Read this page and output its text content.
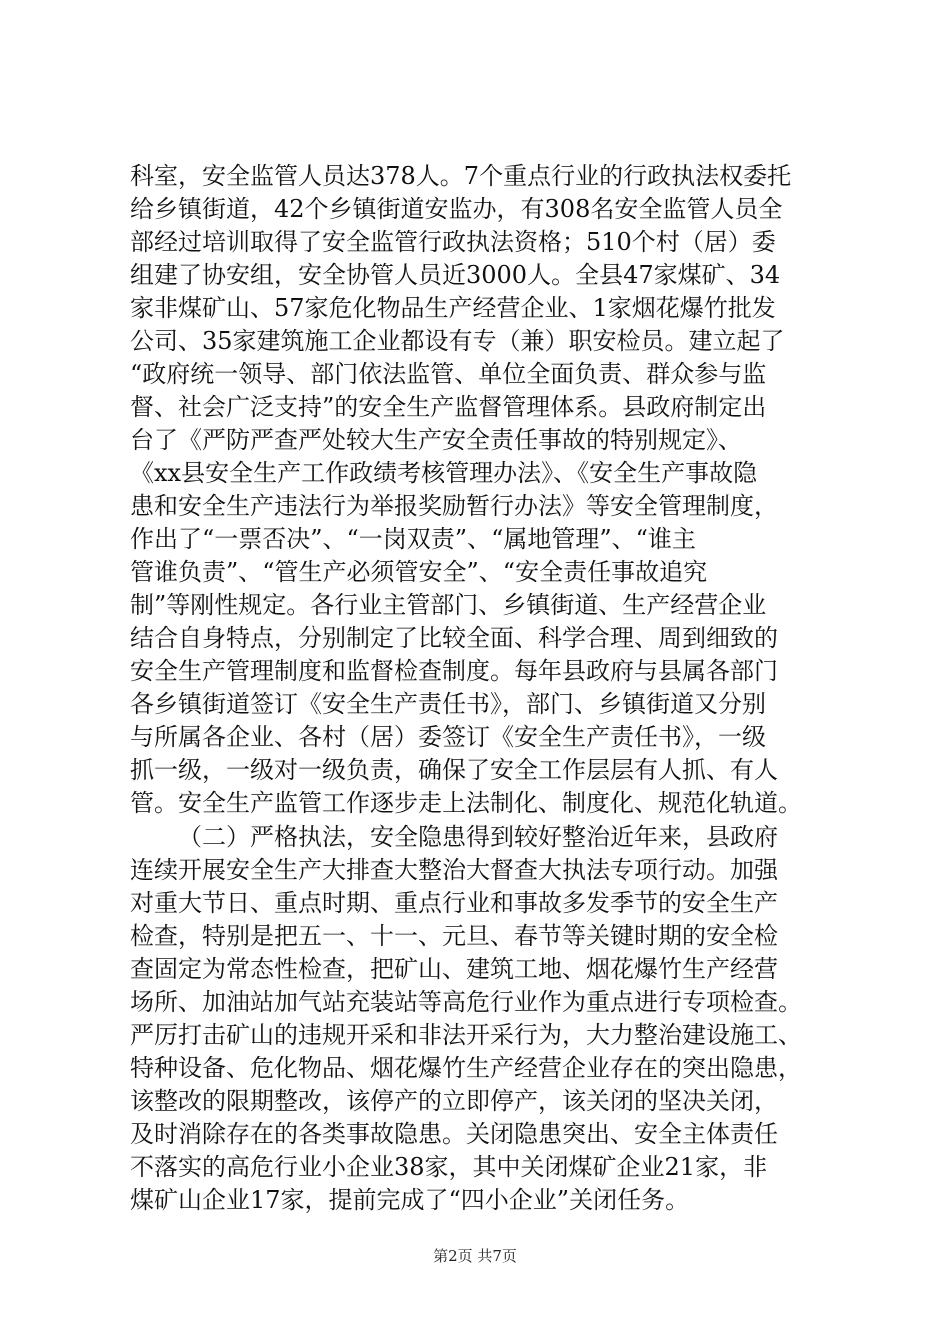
科室，安全监管人员达378人。7个重点行业的行政执法权委托
给乡镇街道，42个乡镇街道安监办，有308名安全监管人员全
部经过培训取得了安全监管行政执法资格；510个村（居）委
组建了协安组，安全协管人员近3000人。全县47家煤矿、34
家非煤矿山、57家危化物品生产经营企业、1家烟花爆竹批发
公司、35家建筑施工企业都设有专（兼）职安检员。建立起了
“政府统一领导、部门依法监管、单位全面负责、群众参与监
督、社会广泛支持”的安全生产监督管理体系。县政府制定出
台了《严防严查严处较大生产安全责任事故的特别规定》、
《xx县安全生产工作政绩考核管理办法》、《安全生产事故隐
患和安全生产违法行为举报奖励暂行办法》等安全管理制度，
作出了“一票否决”、“一岗双责”、“属地管理”、“谁主
管谁负责”、“管生产必须管安全”、“安全责任事故追究
制”等刚性规定。各行业主管部门、乡镇街道、生产经营企业
结合自身特点，分别制定了比较全面、科学合理、周到细致的
安全生产管理制度和监督检查制度。每年县政府与县属各部门
各乡镇街道签订《安全生产责任书》，部门、乡镇街道又分别
与所属各企业、各村（居）委签订《安全生产责任书》，一级
抓一级，一级对一级负责，确保了安全工作层层有人抓、有人
管。安全生产监管工作逐步走上法制化、制度化、规范化轨道。
（二）严格执法，安全隐患得到较好整治近年来，县政府
连续开展安全生产大排查大整治大督查大执法专项行动。加强
对重大节日、重点时期、重点行业和事故多发季节的安全生产
检查，特别是把五一、十一、元旦、春节等关键时期的安全检
查固定为常态性检查，把矿山、建筑工地、烟花爆竹生产经营
场所、加油站加气站充装站等高危行业作为重点进行专项检查。
严厉打击矿山的违规开采和非法开采行为，大力整治建设施工、
特种设备、危化物品、烟花爆竹生产经营企业存在的突出隐患，
该整改的限期整改，该停产的立即停产，该关闭的坚决关闭，
及时消除存在的各类事故隐患。关闭隐患突出、安全主体责任
不落实的高危行业小企业38家，其中关闭煤矿企业21家，非
煤矿山企业17家，提前完成了“四小企业”关闭任务。
第2页 共7页
